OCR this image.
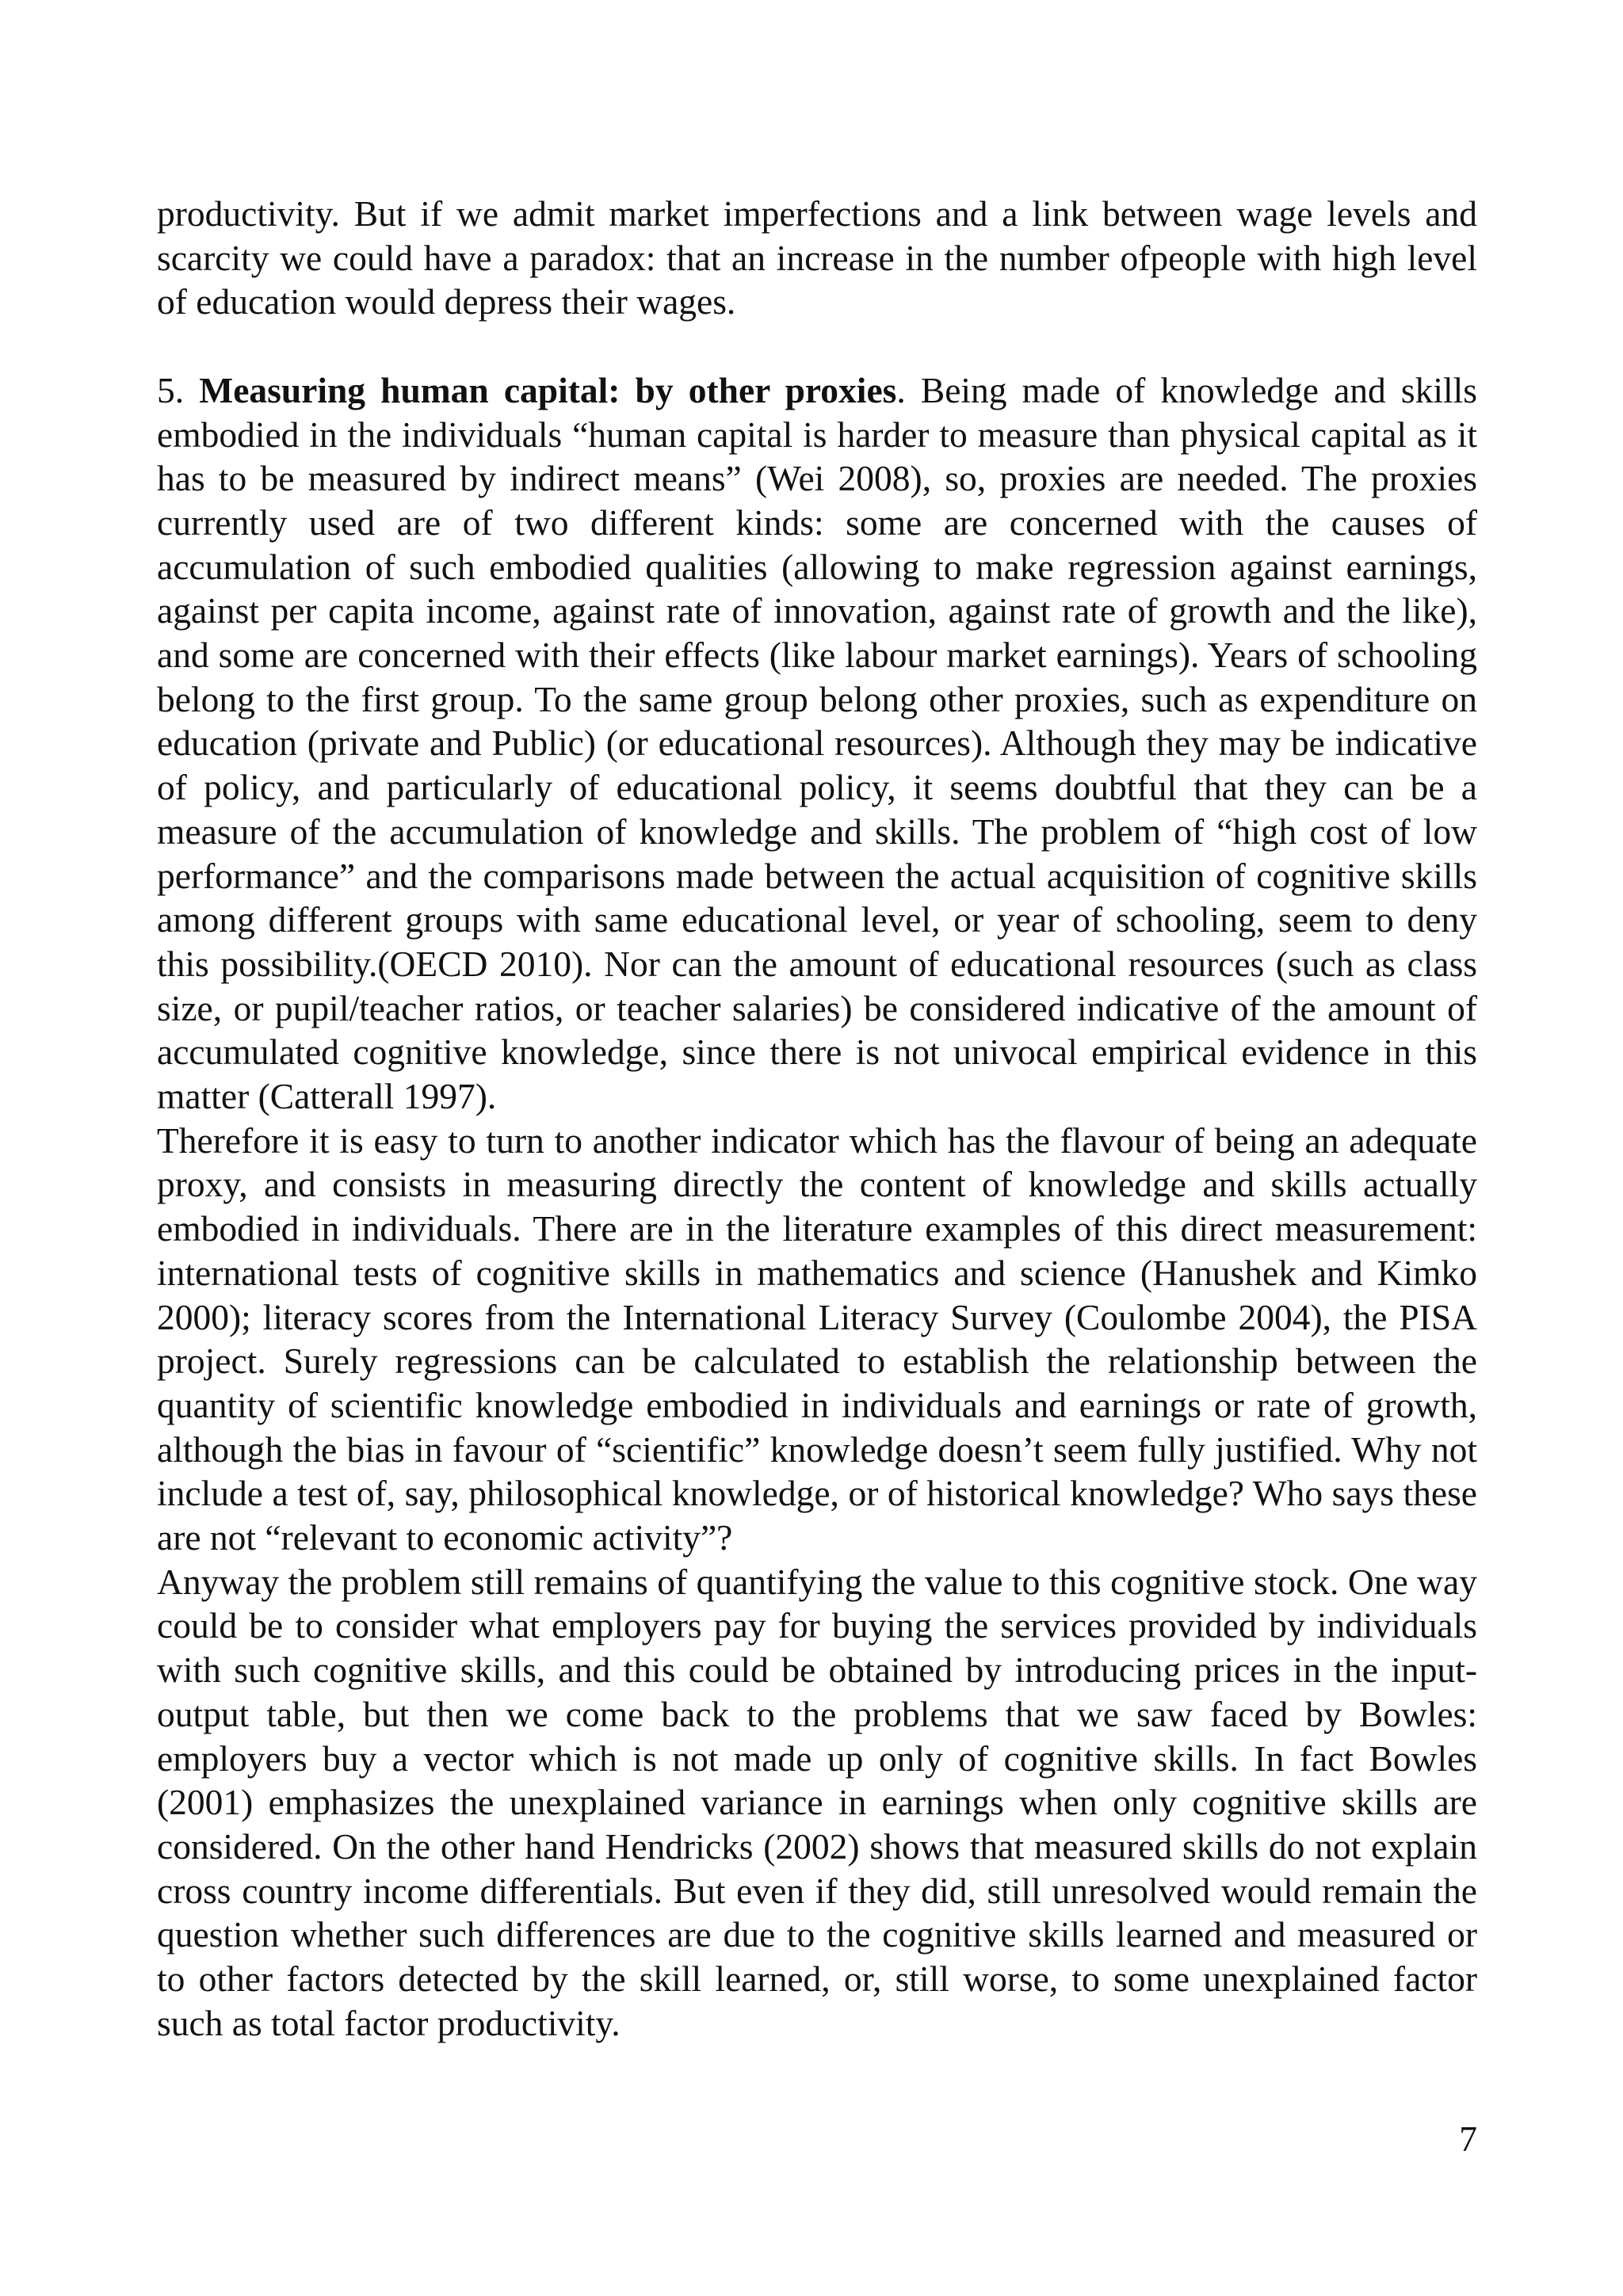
productivity. But if we admit market imperfections and a link between wage levels and scarcity we could have a paradox: that an increase in the number ofpeople with high level of education would depress their wages.

5. Measuring human capital: by other proxies. Being made of knowledge and skills embodied in the individuals “human capital is harder to measure than physical capital as it has to be measured by indirect means” (Wei 2008), so, proxies are needed. The proxies currently used are of two different kinds: some are concerned with the causes of accumulation of such embodied qualities (allowing to make regression against earnings, against per capita income, against rate of innovation, against rate of growth and the like), and some are concerned with their effects (like labour market earnings). Years of schooling belong to the first group. To the same group belong other proxies, such as expenditure on education (private and Public) (or educational resources). Although they may be indicative of policy, and particularly of educational policy, it seems doubtful that they can be a measure of the accumulation of knowledge and skills. The problem of “high cost of low performance” and the comparisons made between the actual acquisition of cognitive skills among different groups with same educational level, or year of schooling, seem to deny this possibility.(OECD 2010). Nor can the amount of educational resources (such as class size, or pupil/teacher ratios, or teacher salaries) be considered indicative of the amount of accumulated cognitive knowledge, since there is not univocal empirical evidence in this matter (Catterall 1997).

Therefore it is easy to turn to another indicator which has the flavour of being an adequate proxy, and consists in measuring directly the content of knowledge and skills actually embodied in individuals. There are in the literature examples of this direct measurement: international tests of cognitive skills in mathematics and science (Hanushek and Kimko 2000); literacy scores from the International Literacy Survey (Coulombe 2004), the PISA project. Surely regressions can be calculated to establish the relationship between the quantity of scientific knowledge embodied in individuals and earnings or rate of growth, although the bias in favour of “scientific” knowledge doesn’t seem fully justified. Why not include a test of, say, philosophical knowledge, or of historical knowledge? Who says these are not “relevant to economic activity”?

Anyway the problem still remains of quantifying the value to this cognitive stock. One way could be to consider what employers pay for buying the services provided by individuals with such cognitive skills, and this could be obtained by introducing prices in the input-output table, but then we come back to the problems that we saw faced by Bowles: employers buy a vector which is not made up only of cognitive skills. In fact Bowles (2001) emphasizes the unexplained variance in earnings when only cognitive skills are considered. On the other hand Hendricks (2002) shows that measured skills do not explain cross country income differentials. But even if they did, still unresolved would remain the question whether such differences are due to the cognitive skills learned and measured or to other factors detected by the skill learned, or, still worse, to some unexplained factor such as total factor productivity.

7
